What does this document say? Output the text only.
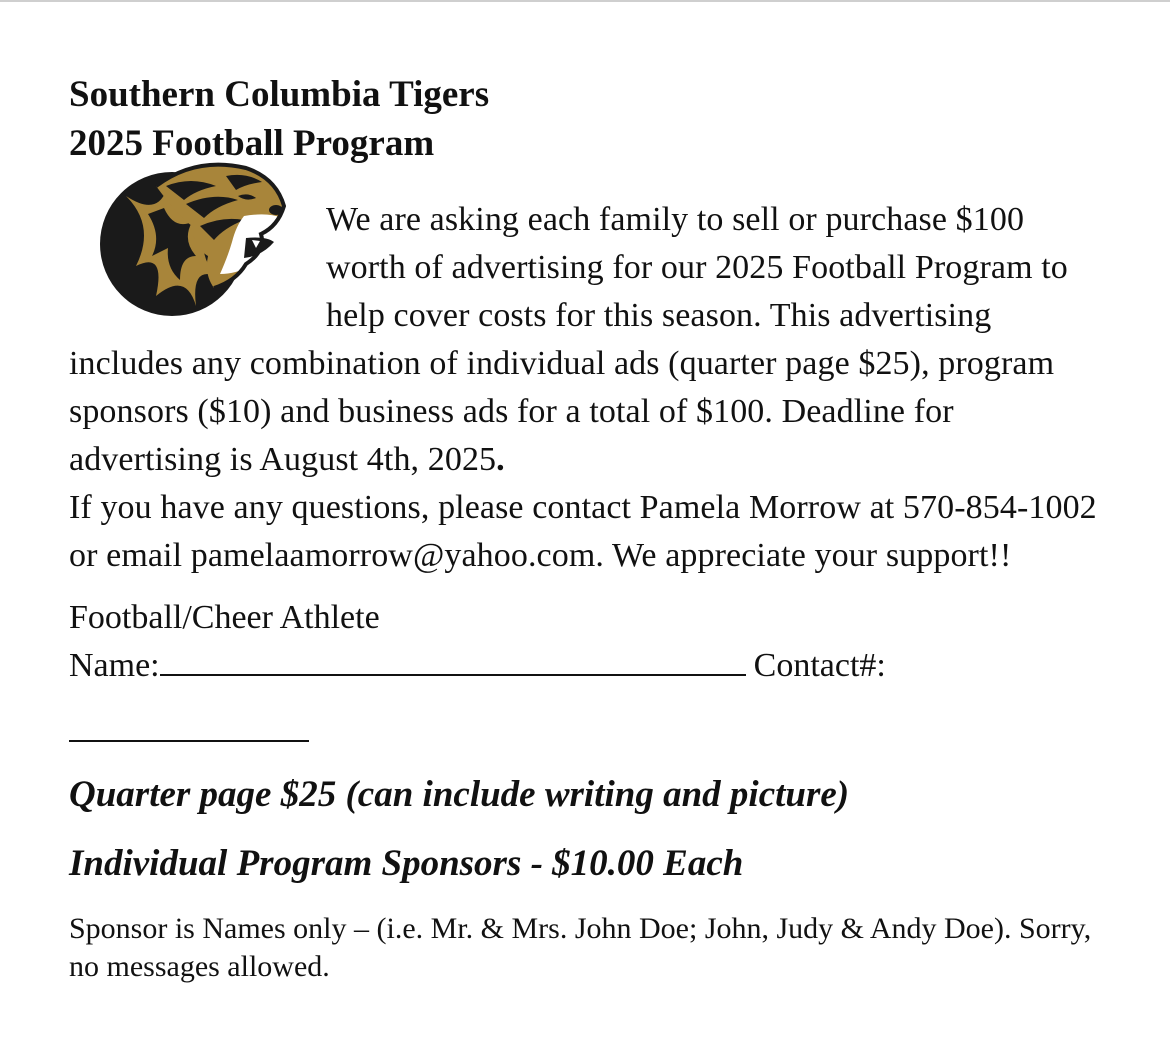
Southern Columbia Tigers
2025 Football Program
We are asking each family to sell or purchase $100 worth of advertising for our 2025 Football Program to help cover costs for this season. This advertising includes any combination of individual ads (quarter page $25), program sponsors ($10) and business ads for a total of $100. Deadline for advertising is August 4th, 2025.
If you have any questions, please contact Pamela Morrow at 570-854-1002 or email pamelaamorrow@yahoo.com. We appreciate your support!!
Football/Cheer Athlete
Name:	Contact#:
Quarter page $25 (can include writing and picture)
Individual Program Sponsors - $10.00 Each
Sponsor is Names only – (i.e. Mr. & Mrs. John Doe; John, Judy & Andy Doe). Sorry, no messages allowed.
